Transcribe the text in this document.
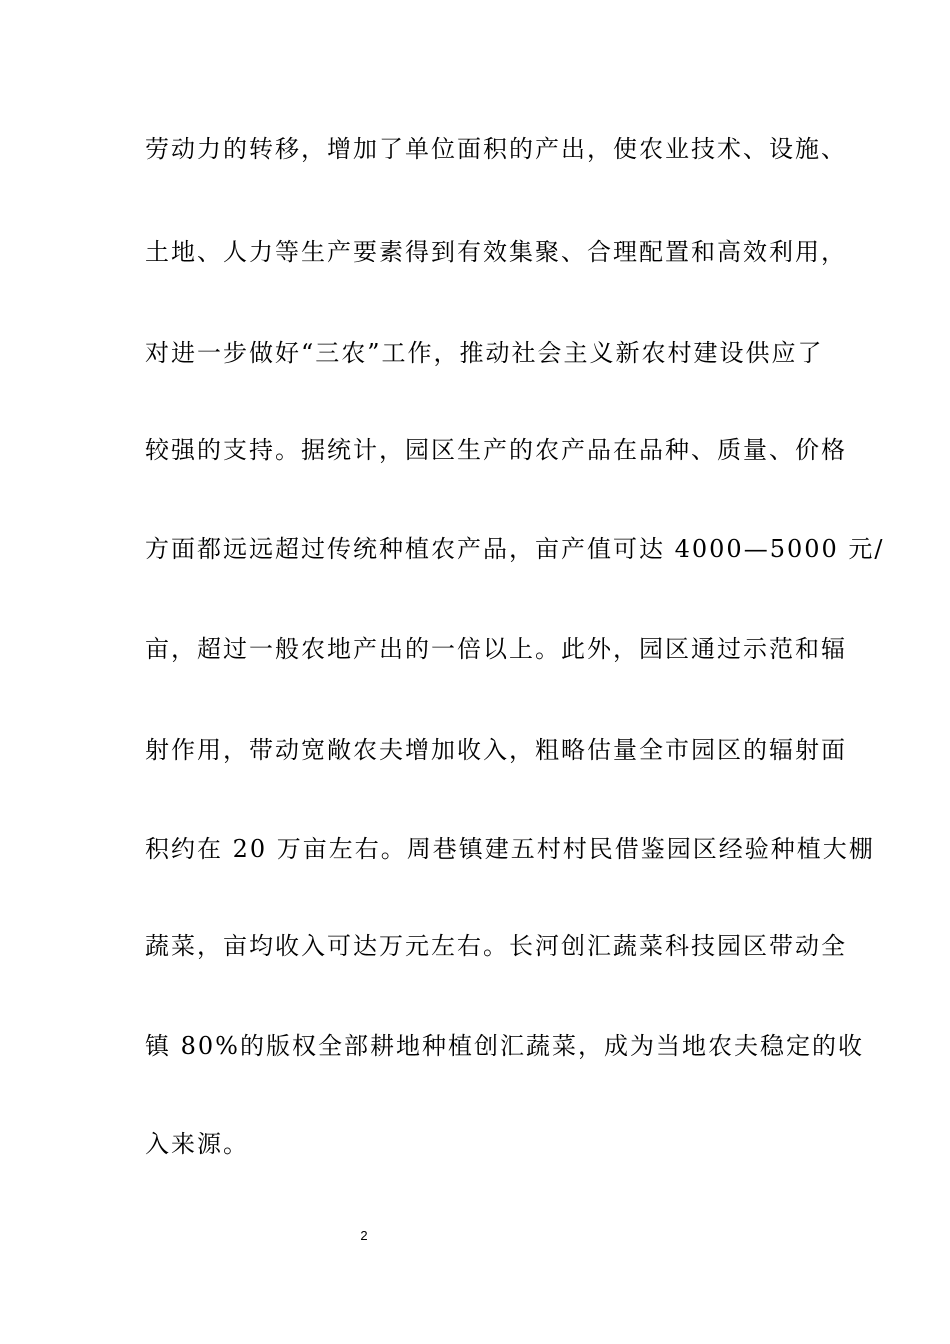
劳动力的转移，增加了单位面积的产出，使农业技术、设施、
土地、人力等生产要素得到有效集聚、合理配置和高效利用，
对进一步做好“三农”工作，推动社会主义新农村建设供应了
较强的支持。据统计，园区生产的农产品在品种、质量、价格
方面都远远超过传统种植农产品，亩产值可达 4000—5000 元/
亩，超过一般农地产出的一倍以上。此外，园区通过示范和辐
射作用，带动宽敞农夫增加收入，粗略估量全市园区的辐射面
积约在 20 万亩左右。周巷镇建五村村民借鉴园区经验种植大棚
蔬菜，亩均收入可达万元左右。长河创汇蔬菜科技园区带动全
镇 80%的版权全部耕地种植创汇蔬菜，成为当地农夫稳定的收
入来源。
2
